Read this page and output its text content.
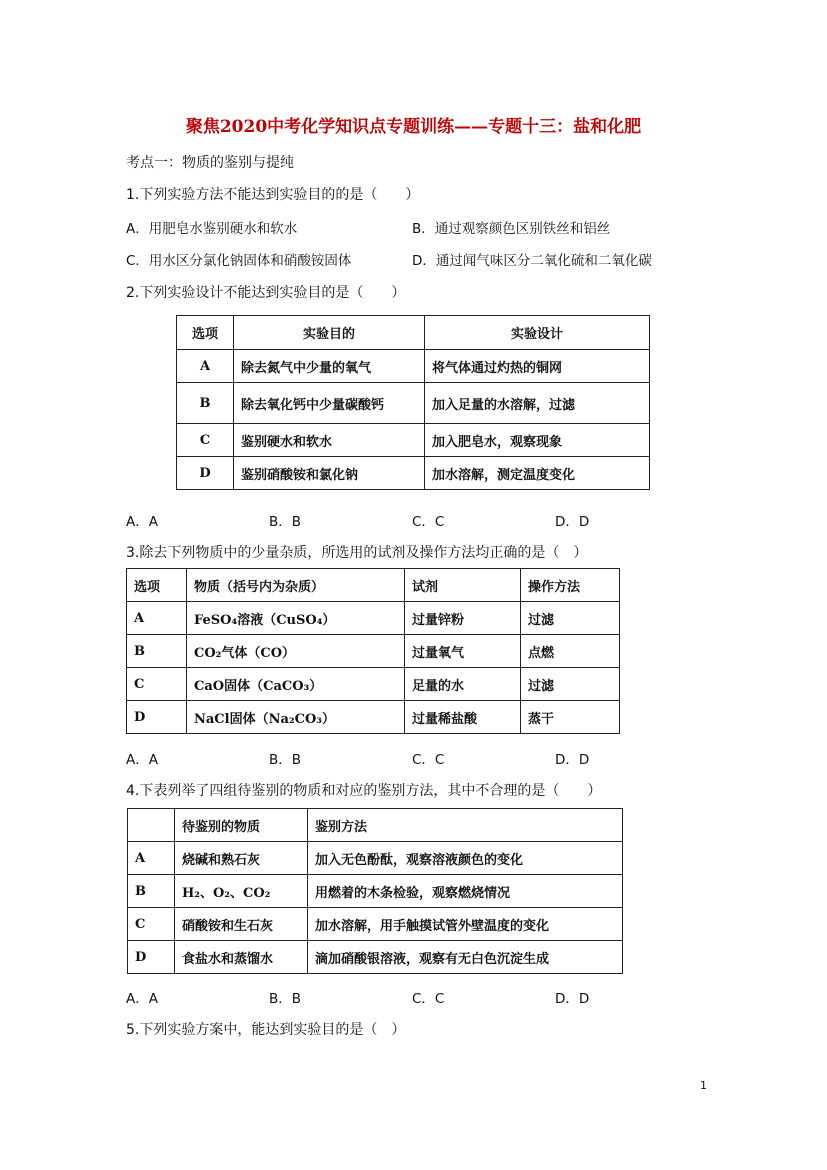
聚焦2020中考化学知识点专题训练——专题十三：盐和化肥
考点一：物质的鉴别与提纯
1.下列实验方法不能达到实验目的的是（　　）
A．用肥皂水鉴别硬水和软水	B．通过观察颜色区别铁丝和铝丝
C．用水区分氯化钠固体和硝酸铵固体	D．通过闻气味区分二氧化硫和二氧化碳
2.下列实验设计不能达到实验目的是（　　）
选项	实验目的	实验设计
A	除去氮气中少量的氧气	将气体通过灼热的铜网
B	除去氧化钙中少量碳酸钙	加入足量的水溶解，过滤
C	鉴别硬水和软水	加入肥皂水，观察现象
D	鉴别硝酸铵和氯化钠	加水溶解，测定温度变化
A．A	B．B	C．C	D．D
3.除去下列物质中的少量杂质，所选用的试剂及操作方法均正确的是（　）
选项	物质（括号内为杂质）	试剂	操作方法
A	FeSO₄溶液（CuSO₄）	过量锌粉	过滤
B	CO₂气体（CO）	过量氧气	点燃
C	CaO固体（CaCO₃）	足量的水	过滤
D	NaCl固体（Na₂CO₃）	过量稀盐酸	蒸干
A．A	B．B	C．C	D．D
4.下表列举了四组待鉴别的物质和对应的鉴别方法，其中不合理的是（　　）
	待鉴别的物质	鉴别方法
A	烧碱和熟石灰	加入无色酚酞，观察溶液颜色的变化
B	H₂、O₂、CO₂	用燃着的木条检验，观察燃烧情况
C	硝酸铵和生石灰	加水溶解，用手触摸试管外壁温度的变化
D	食盐水和蒸馏水	滴加硝酸银溶液，观察有无白色沉淀生成
A．A	B．B	C．C	D．D
5.下列实验方案中，能达到实验目的是（　）
1
